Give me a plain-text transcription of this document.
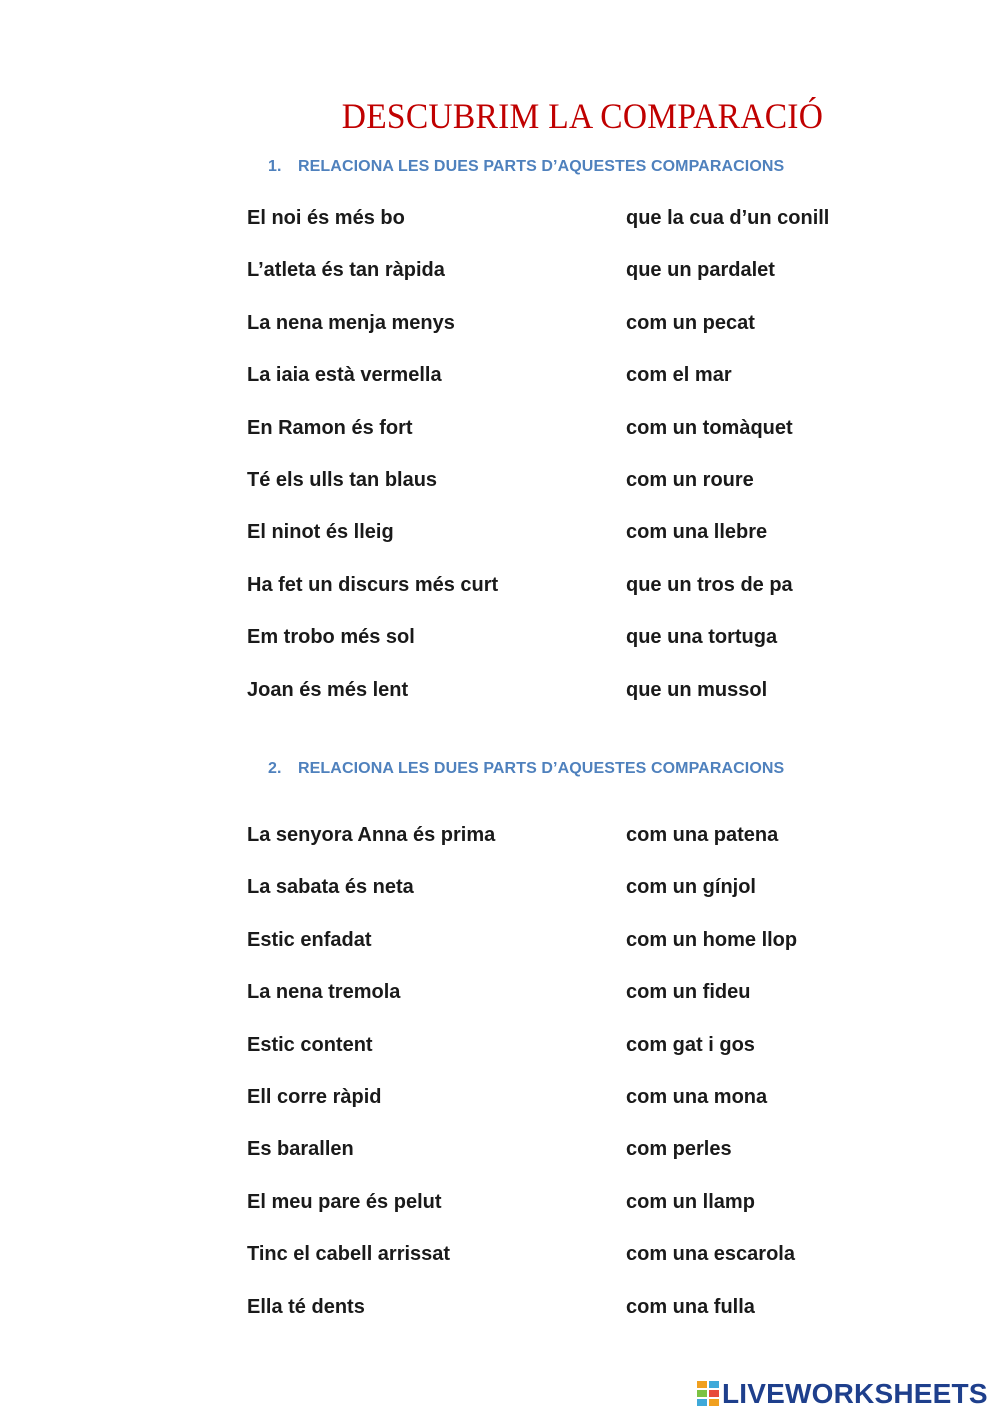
DESCUBRIM LA COMPARACIÓ
1. RELACIONA LES DUES PARTS D’AQUESTES COMPARACIONS
El noi és més bo	que la cua d’un conill
L’atleta és tan ràpida	que un pardalet
La nena menja menys	com un pecat
La iaia està vermella	com el mar
En Ramon és fort	com un tomàquet
Té els ulls tan blaus	com un roure
El ninot és lleig	com una llebre
Ha fet un discurs més curt	que un tros de pa
Em trobo més sol	que una tortuga
Joan és més lent	que un mussol
2. RELACIONA LES DUES PARTS D’AQUESTES COMPARACIONS
La senyora Anna és prima	com una patena
La sabata és neta	com un gínjol
Estic enfadat	com un home llop
La nena tremola	com un fideu
Estic content	com gat i gos
Ell corre ràpid	com una mona
Es barallen	com perles
El meu pare és pelut	com un llamp
Tinc el cabell arrissat	com una escarola
Ella té dents	com una fulla
LIVEWORKSHEETS
